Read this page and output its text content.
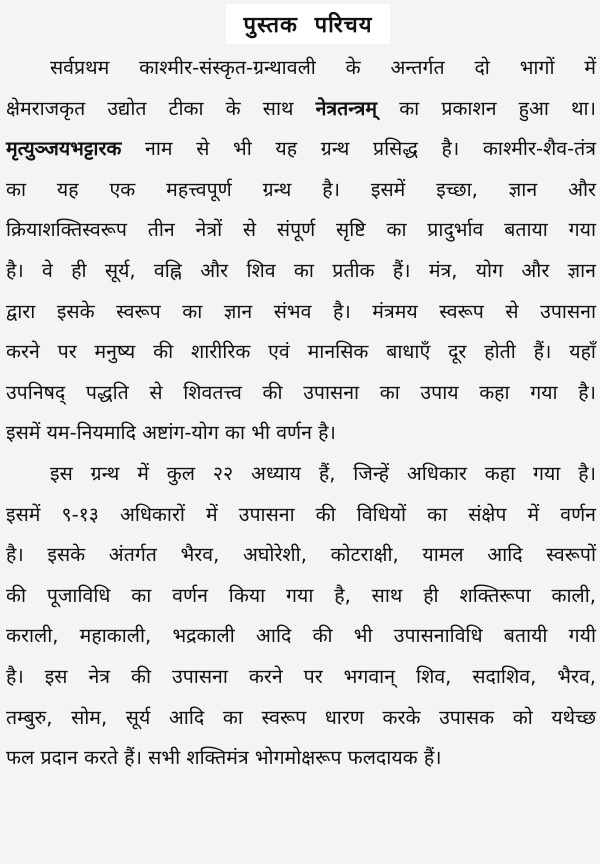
पुस्तक परिचय
सर्वप्रथम काश्मीर-संस्कृत-ग्रन्थावली के अन्तर्गत दो भागों में
क्षेमराजकृत उद्योत टीका के साथ नेत्रतन्त्रम् का प्रकाशन हुआ था।
मृत्युञ्जयभट्टारक नाम से भी यह ग्रन्थ प्रसिद्ध है। काश्मीर-शैव-तंत्र
का यह एक महत्त्वपूर्ण ग्रन्थ है। इसमें इच्छा, ज्ञान और
क्रियाशक्तिस्वरूप तीन नेत्रों से संपूर्ण सृष्टि का प्रादुर्भाव बताया गया
है। वे ही सूर्य, वह्नि और शिव का प्रतीक हैं। मंत्र, योग और ज्ञान
द्वारा इसके स्वरूप का ज्ञान संभव है। मंत्रमय स्वरूप से उपासना
करने पर मनुष्य की शारीरिक एवं मानसिक बाधाएँ दूर होती हैं। यहाँ
उपनिषद् पद्धति से शिवतत्त्व की उपासना का उपाय कहा गया है।
इसमें यम-नियमादि अष्टांग-योग का भी वर्णन है।
इस ग्रन्थ में कुल २२ अध्याय हैं, जिन्हें अधिकार कहा गया है।
इसमें ९-१३ अधिकारों में उपासना की विधियों का संक्षेप में वर्णन
है। इसके अंतर्गत भैरव, अघोरेशी, कोटराक्षी, यामल आदि स्वरूपों
की पूजाविधि का वर्णन किया गया है, साथ ही शक्तिरूपा काली,
कराली, महाकाली, भद्रकाली आदि की भी उपासनाविधि बतायी गयी
है। इस नेत्र की उपासना करने पर भगवान् शिव, सदाशिव, भैरव,
तम्बुरु, सोम, सूर्य आदि का स्वरूप धारण करके उपासक को यथेच्छ
फल प्रदान करते हैं। सभी शक्तिमंत्र भोगमोक्षरूप फलदायक हैं।
